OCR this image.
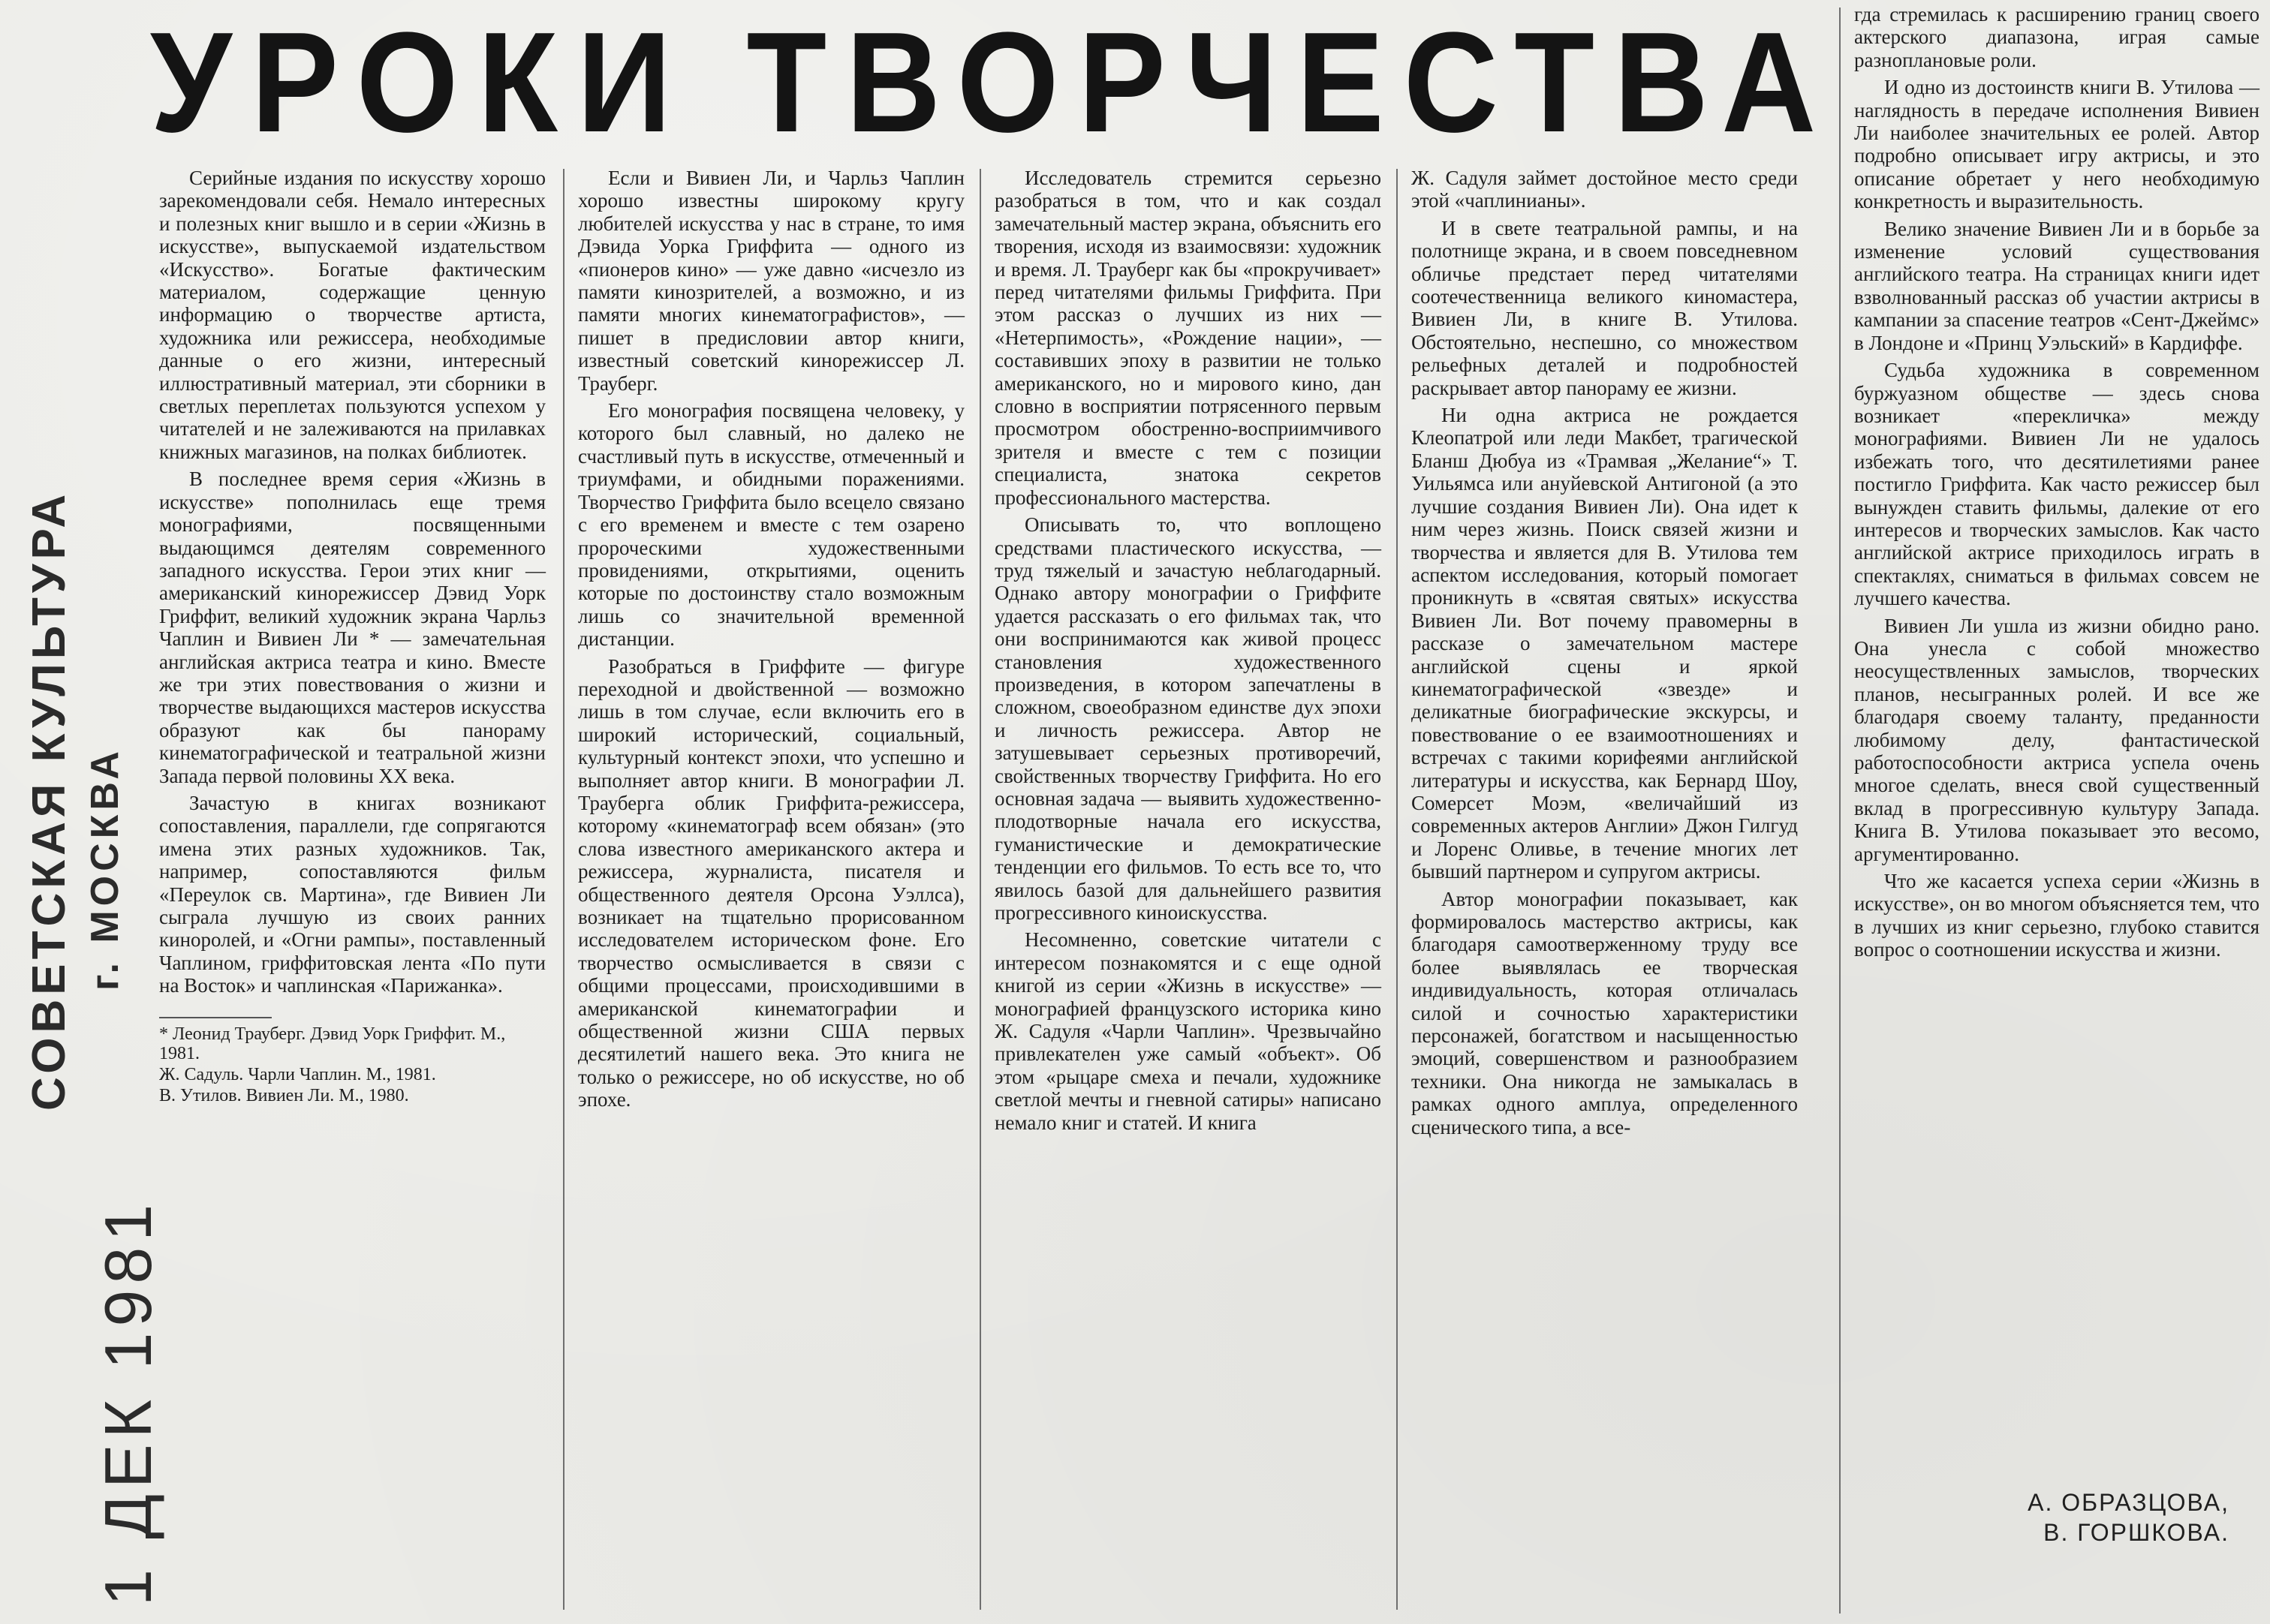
УРОКИ ТВОРЧЕСТВА
СОВЕТСКАЯ КУЛЬТУРА г. МОСКВА
1 ДЕК 1981

Серийные издания по искусству хорошо зарекомендовали себя. Немало интересных и полезных книг вышло и в серии «Жизнь в искусстве», выпускаемой издательством «Искусство». Богатые фактическим материалом, содержащие ценную информацию о творчестве артиста, художника или режиссера, необходимые данные о его жизни, интересный иллюстративный материал, эти сборники в светлых переплетах пользуются успехом у читателей и не залеживаются на прилавках книжных магазинов, на полках библиотек.

В последнее время серия «Жизнь в искусстве» пополнилась еще тремя монографиями, посвященными выдающимся деятелям современного западного искусства. Герои этих книг — американский кинорежиссер Дэвид Уорк Гриффит, великий художник экрана Чарльз Чаплин и Вивиен Ли * — замечательная английская актриса театра и кино. Вместе же три этих повествования о жизни и творчестве выдающихся мастеров искусства образуют как бы панораму кинематографической и театральной жизни Запада первой половины XX века.

Зачастую в книгах возникают сопоставления, параллели, где сопрягаются имена этих разных художников. Так, например, сопоставляются фильм «Переулок св. Мартина», где Вивиен Ли сыграла лучшую из своих ранних киноролей, и «Огни рампы», поставленный Чаплином, гриффитовская лента «По пути на Восток» и чаплинская «Парижанка».

* Леонид Трауберг. Дэвид Уорк Гриффит. М., 1981.
Ж. Садуль. Чарли Чаплин. М., 1981.
В. Утилов. Вивиен Ли. М., 1980.

Если и Вивиен Ли, и Чарльз Чаплин хорошо известны широкому кругу любителей искусства у нас в стране, то имя Дэвида Уорка Гриффита — одного из «пионеров кино» — уже давно «исчезло из памяти кинозрителей, а возможно, и из памяти многих кинематографистов», — пишет в предисловии автор книги, известный советский кинорежиссер Л. Трауберг.

Его монография посвящена человеку, у которого был славный, но далеко не счастливый путь в искусстве, отмеченный и триумфами, и обидными поражениями. Творчество Гриффита было всецело связано с его временем и вместе с тем озарено пророческими художественными провидениями, открытиями, оценить которые по достоинству стало возможным лишь со значительной временной дистанции.

Разобраться в Гриффите — фигуре переходной и двойственной — возможно лишь в том случае, если включить его в широкий исторический, социальный, культурный контекст эпохи, что успешно и выполняет автор книги. В монографии Л. Трауберга облик Гриффита-режиссера, которому «кинематограф всем обязан» (это слова известного американского актера и режиссера, журналиста, писателя и общественного деятеля Орсона Уэллса), возникает на тщательно прорисованном исследователем историческом фоне. Его творчество осмысливается в связи с общими процессами, происходившими в американской кинематографии и общественной жизни США первых десятилетий нашего века. Это книга не только о режиссере, но об искусстве, но об эпохе.

Исследователь стремится серьезно разобраться в том, что и как создал замечательный мастер экрана, объяснить его творения, исходя из взаимосвязи: художник и время. Л. Трауберг как бы «прокручивает» перед читателями фильмы Гриффита. При этом рассказ о лучших из них — «Нетерпимость», «Рождение нации», — составивших эпоху в развитии не только американского, но и мирового кино, дан словно в восприятии потрясенного первым просмотром обостренно-восприимчивого зрителя и вместе с тем с позиции специалиста, знатока секретов профессионального мастерства.

Описывать то, что воплощено средствами пластического искусства, — труд тяжелый и зачастую неблагодарный. Однако автору монографии о Гриффите удается рассказать о его фильмах так, что они воспринимаются как живой процесс становления художественного произведения, в котором запечатлены в сложном, своеобразном единстве дух эпохи и личность режиссера. Автор не затушевывает серьезных противоречий, свойственных творчеству Гриффита. Но его основная задача — выявить художественно-плодотворные начала его искусства, гуманистические и демократические тенденции его фильмов. То есть все то, что явилось базой для дальнейшего развития прогрессивного киноискусства.

Несомненно, советские читатели с интересом познакомятся и с еще одной книгой из серии «Жизнь в искусстве» — монографией французского историка кино Ж. Садуля «Чарли Чаплин». Чрезвычайно привлекателен уже самый «объект». Об этом «рыцаре смеха и печали, художнике светлой мечты и гневной сатиры» написано немало книг и статей. И книга

Ж. Садуля займет достойное место среди этой «чаплинианы».

И в свете театральной рампы, и на полотнище экрана, и в своем повседневном обличье предстает перед читателями соотечественница великого киномастера, Вивиен Ли, в книге В. Утилова. Обстоятельно, неспешно, со множеством рельефных деталей и подробностей раскрывает автор панораму ее жизни.

Ни одна актриса не рождается Клеопатрой или леди Макбет, трагической Бланш Дюбуа из «Трамвая „Желание“» Т. Уильямса или ануйевской Антигоной (а это лучшие создания Вивиен Ли). Она идет к ним через жизнь. Поиск связей жизни и творчества и является для В. Утилова тем аспектом исследования, который помогает проникнуть в «святая святых» искусства Вивиен Ли. Вот почему правомерны в рассказе о замечательном мастере английской сцены и яркой кинематографической «звезде» и деликатные биографические экскурсы, и повествование о ее взаимоотношениях и встречах с такими корифеями английской литературы и искусства, как Бернард Шоу, Сомерсет Моэм, «величайший из современных актеров Англии» Джон Гилгуд и Лоренс Оливье, в течение многих лет бывший партнером и супругом актрисы.

Автор монографии показывает, как формировалось мастерство актрисы, как благодаря самоотверженному труду все более выявлялась ее творческая индивидуальность, которая отличалась силой и сочностью характеристики персонажей, богатством и насыщенностью эмоций, совершенством и разнообразием техники. Она никогда не замыкалась в рамках одного амплуа, определенного сценического типа, а все-

гда стремилась к расширению границ своего актерского диапазона, играя самые разноплановые роли.

И одно из достоинств книги В. Утилова — наглядность в передаче исполнения Вивиен Ли наиболее значительных ее ролей. Автор подробно описывает игру актрисы, и это описание обретает у него необходимую конкретность и выразительность.

Велико значение Вивиен Ли и в борьбе за изменение условий существования английского театра. На страницах книги идет взволнованный рассказ об участии актрисы в кампании за спасение театров «Сент-Джеймс» в Лондоне и «Принц Уэльский» в Кардиффе.

Судьба художника в современном буржуазном обществе — здесь снова возникает «перекличка» между монографиями. Вивиен Ли не удалось избежать того, что десятилетиями ранее постигло Гриффита. Как часто режиссер был вынужден ставить фильмы, далекие от его интересов и творческих замыслов. Как часто английской актрисе приходилось играть в спектаклях, сниматься в фильмах совсем не лучшего качества.

Вивиен Ли ушла из жизни обидно рано. Она унесла с собой множество неосуществленных замыслов, творческих планов, несыгранных ролей. И все же благодаря своему таланту, преданности любимому делу, фантастической работоспособности актриса успела очень многое сделать, внеся свой существенный вклад в прогрессивную культуру Запада. Книга В. Утилова показывает это весомо, аргументированно.

Что же касается успеха серии «Жизнь в искусстве», он во многом объясняется тем, что в лучших из книг серьезно, глубоко ставится вопрос о соотношении искусства и жизни.

А. ОБРАЗЦОВА,
В. ГОРШКОВА.
